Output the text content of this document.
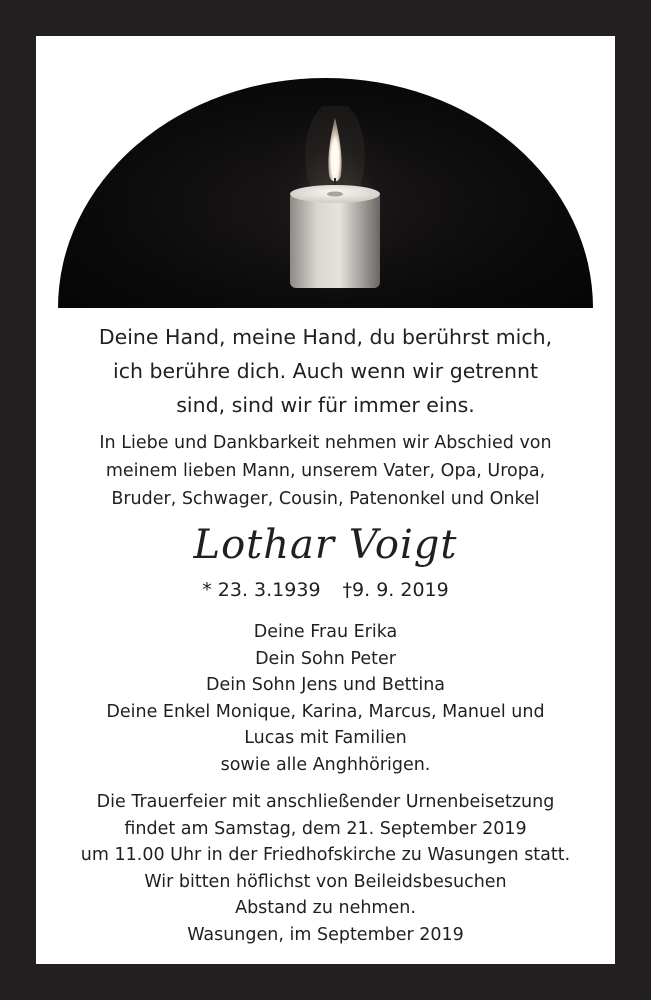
Deine Hand, meine Hand, du berührst mich,
ich berühre dich. Auch wenn wir getrennt
sind, sind wir für immer eins.

In Liebe und Dankbarkeit nehmen wir Abschied von
meinem lieben Mann, unserem Vater, Opa, Uropa,
Bruder, Schwager, Cousin, Patenonkel und Onkel

Lothar Voigt

* 23. 3.1939 †9. 9. 2019

Deine Frau Erika
Dein Sohn Peter
Dein Sohn Jens und Bettina
Deine Enkel Monique, Karina, Marcus, Manuel und
Lucas mit Familien
sowie alle Anghhörigen.

Die Trauerfeier mit anschließender Urnenbeisetzung
findet am Samstag, dem 21. September 2019
um 11.00 Uhr in der Friedhofskirche zu Wasungen statt.
Wir bitten höflichst von Beileidsbesuchen
Abstand zu nehmen.
Wasungen, im September 2019
